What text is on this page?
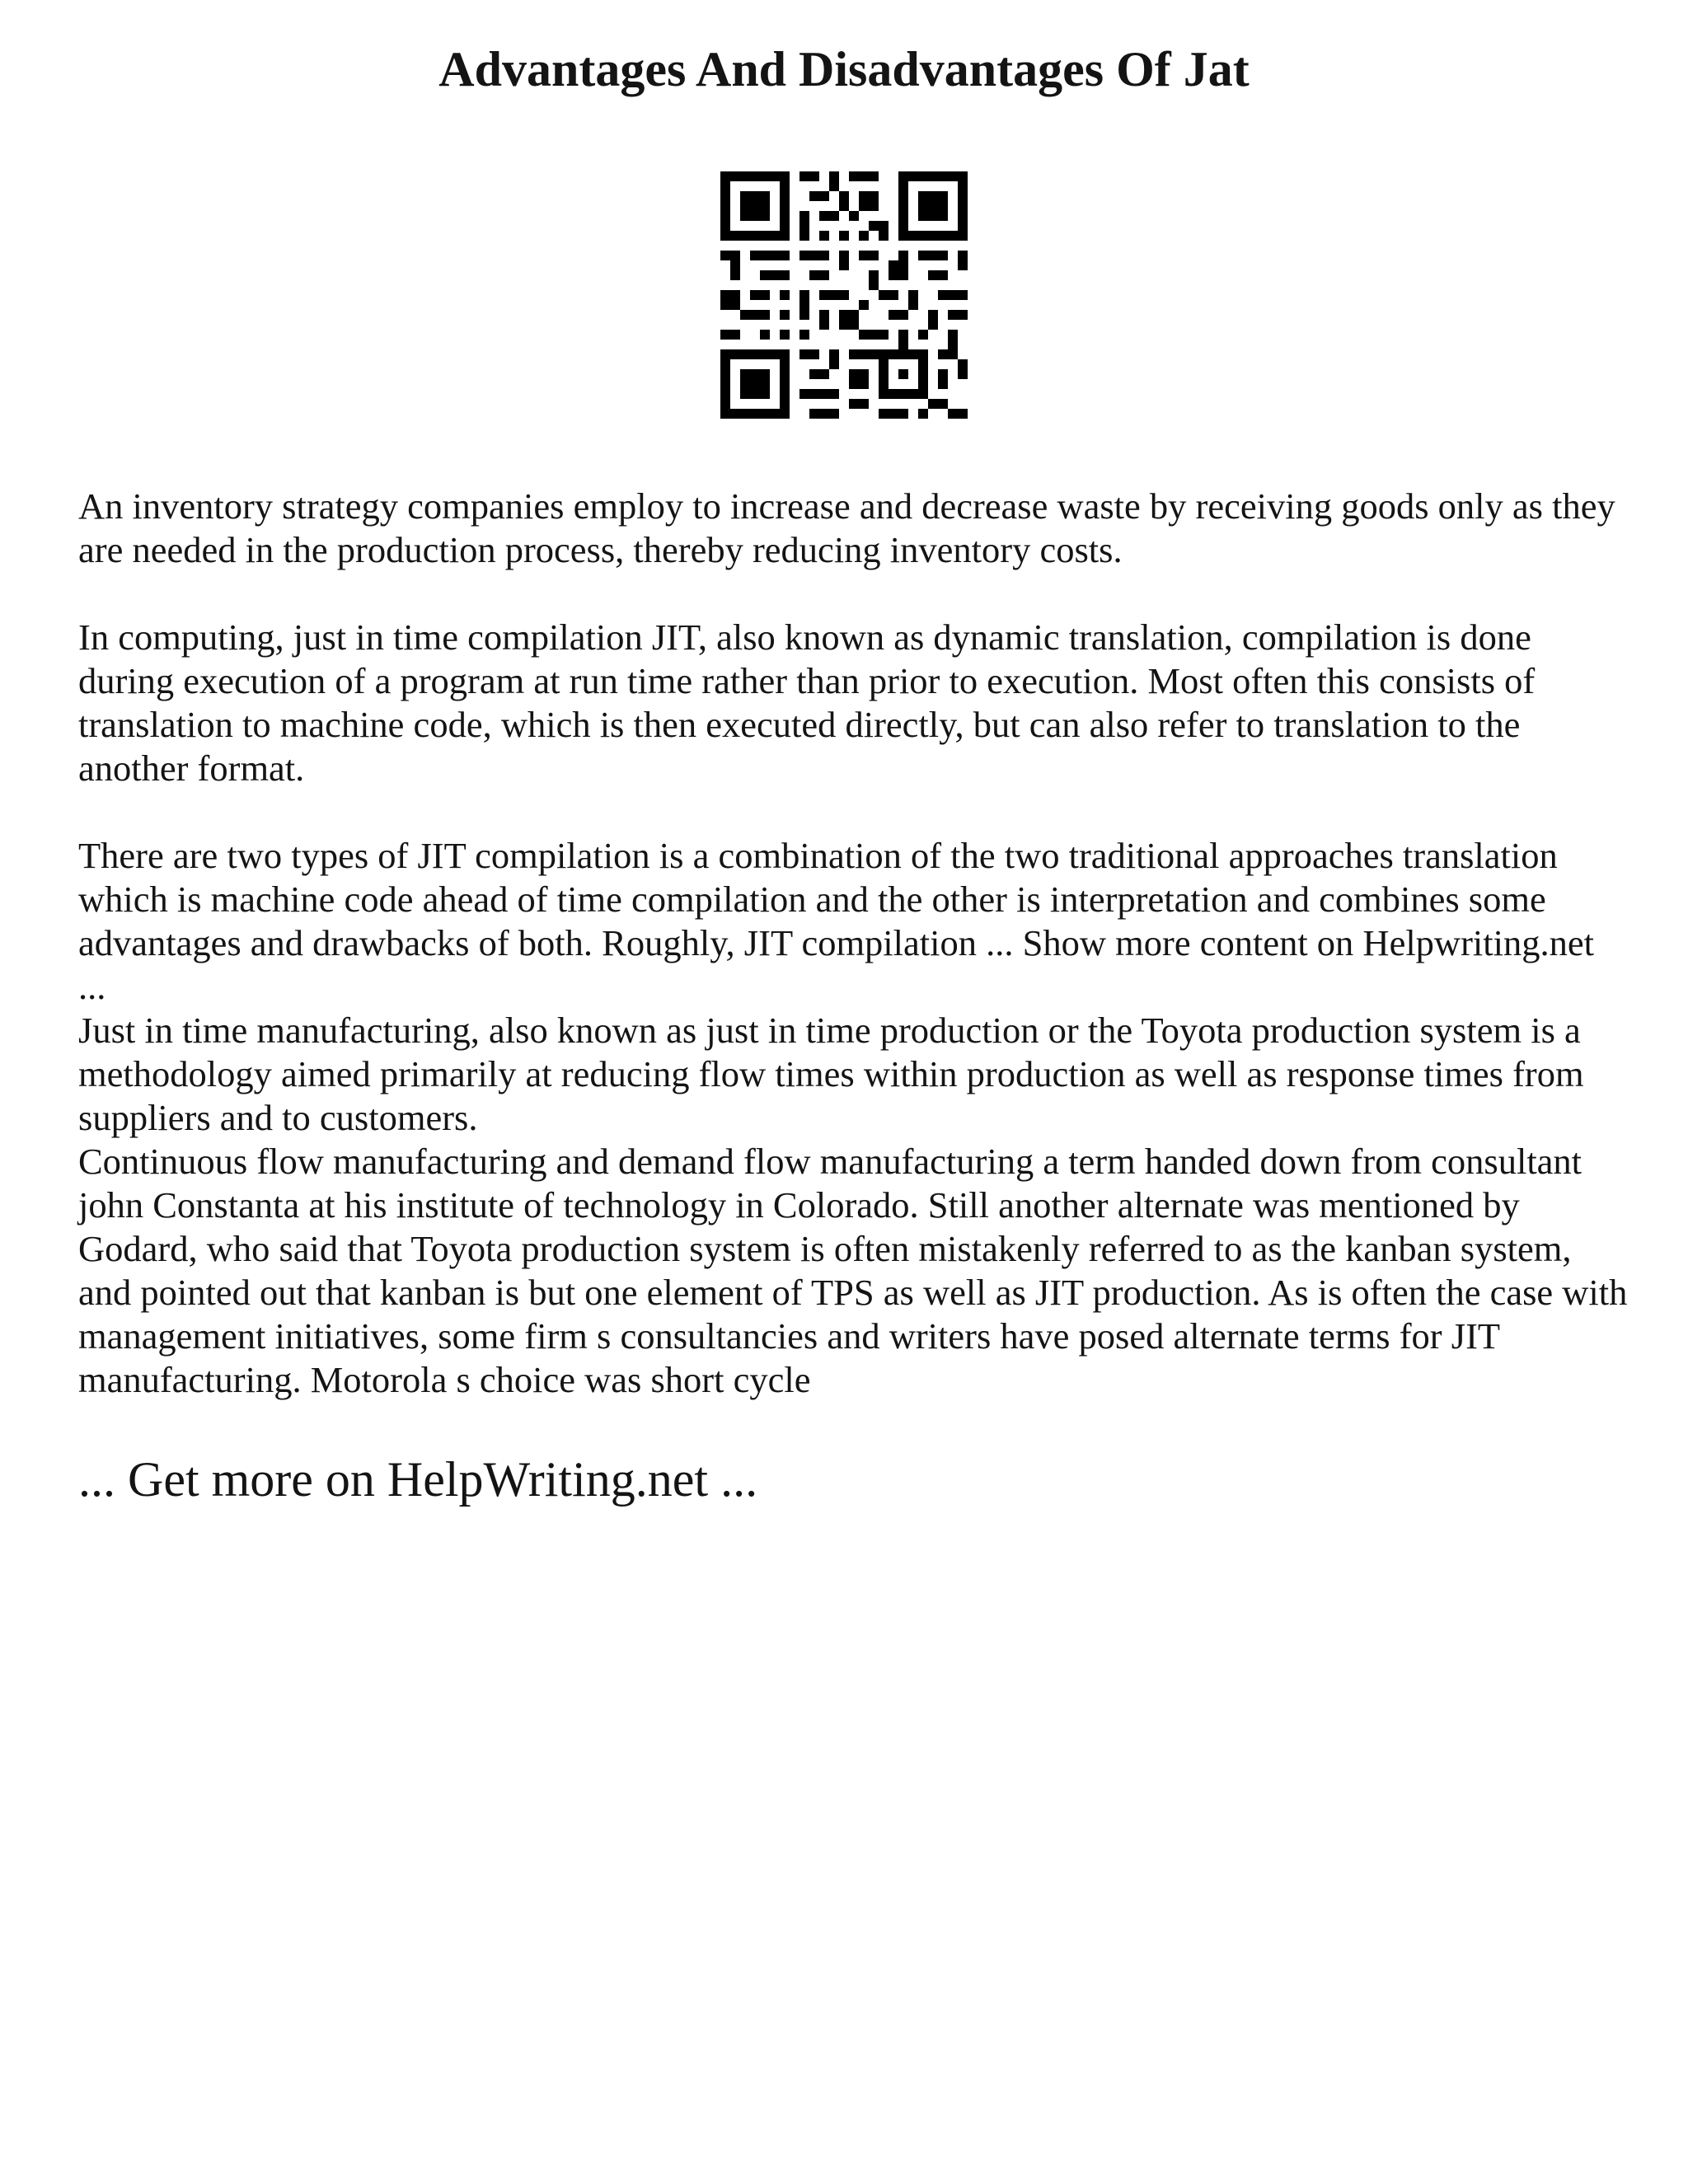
Advantages And Disadvantages Of Jat

An inventory strategy companies employ to increase and decrease waste by receiving goods only as they are needed in the production process, thereby reducing inventory costs.

In computing, just in time compilation JIT, also known as dynamic translation, compilation is done during execution of a program at run time rather than prior to execution. Most often this consists of translation to machine code, which is then executed directly, but can also refer to translation to the another format.

There are two types of JIT compilation is a combination of the two traditional approaches translation which is machine code ahead of time compilation and the other is interpretation and combines some advantages and drawbacks of both. Roughly, JIT compilation ... Show more content on Helpwriting.net ...

Just in time manufacturing, also known as just in time production or the Toyota production system is a methodology aimed primarily at reducing flow times within production as well as response times from suppliers and to customers.

Continuous flow manufacturing and demand flow manufacturing a term handed down from consultant john Constanta at his institute of technology in Colorado. Still another alternate was mentioned by Godard, who said that Toyota production system is often mistakenly referred to as the kanban system, and pointed out that kanban is but one element of TPS as well as JIT production. As is often the case with management initiatives, some firm s consultancies and writers have posed alternate terms for JIT manufacturing. Motorola s choice was short cycle

... Get more on HelpWriting.net ...
